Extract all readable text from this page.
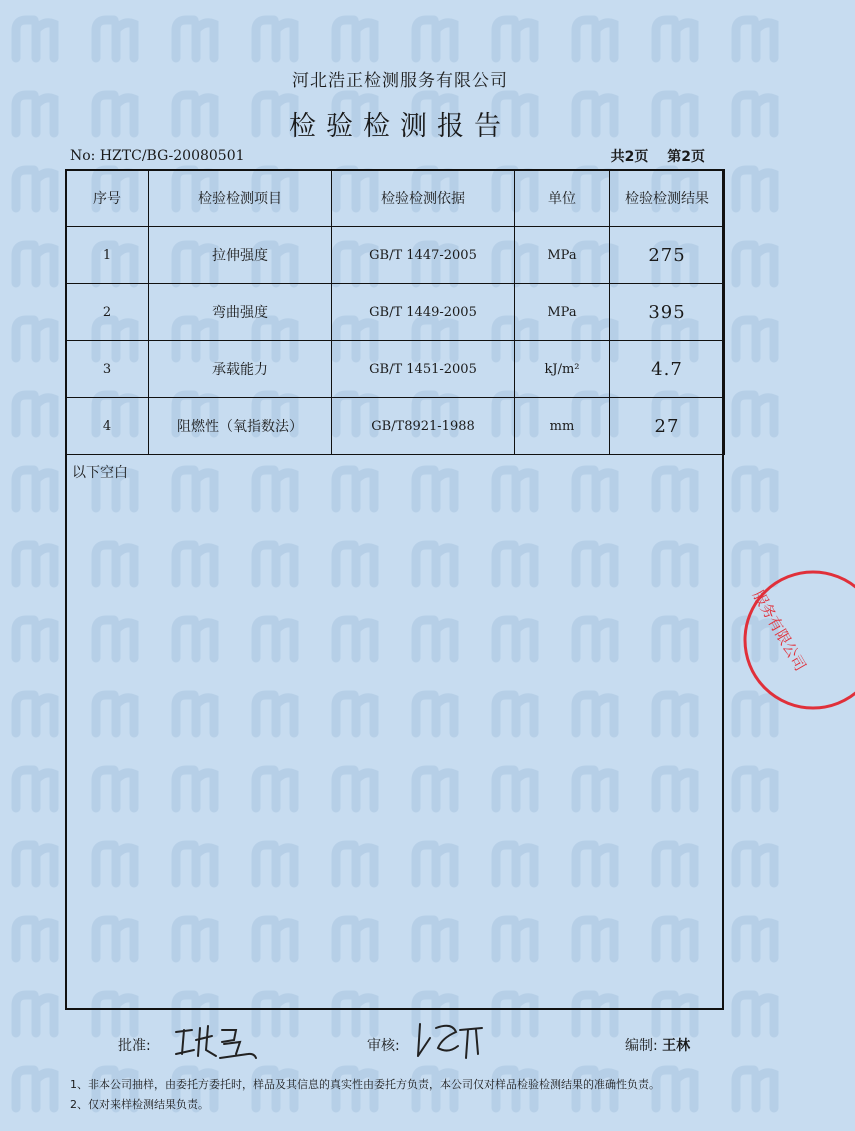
河北浩正检测服务有限公司
检验检测报告
No: HZTC/BG-20080501	共2页 第2页
序号	检验检测项目	检验检测依据	单位	检验检测结果
1	拉伸强度	GB/T 1447-2005	MPa	275
2	弯曲强度	GB/T 1449-2005	MPa	395
3	承载能力	GB/T 1451-2005	kJ/m²	4.7
4	阻燃性（氧指数法）	GB/T8921-1988	mm	27
以下空白
服务有限公司
批准:	审核:	编制: 王林
1、非本公司抽样，由委托方委托时，样品及其信息的真实性由委托方负责，本公司仅对样品检验检测结果的准确性负责。
2、仅对来样检测结果负责。
